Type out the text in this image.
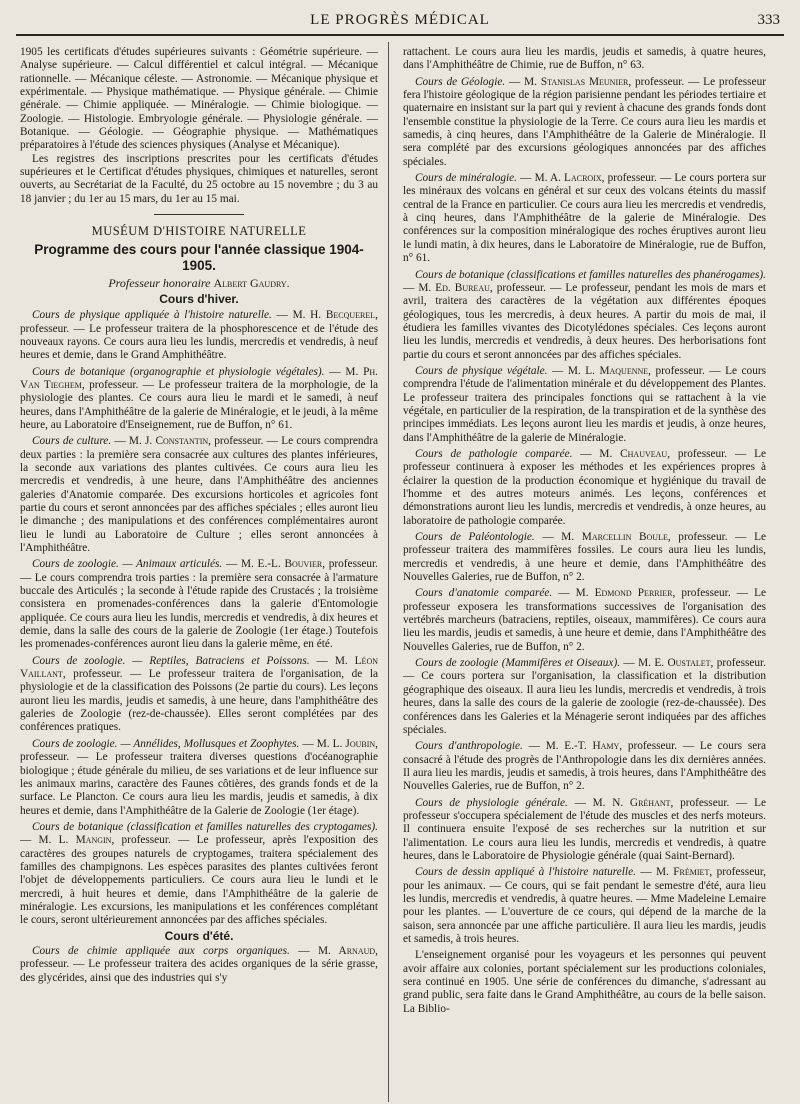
LE PROGRÈS MÉDICAL	333

1905 les certificats d'études supérieures suivants : Géométrie supérieure. — Analyse supérieure. — Calcul différentiel et calcul intégral. — Mécanique rationnelle. — Mécanique céleste. — Astronomie. — Mécanique physique et expérimentale. — Physique mathématique. — Physique générale. — Chimie générale. — Chimie appliquée. — Minéralogie. — Chimie biologique. — Zoologie. — Histologie. Embryologie générale. — Physiologie générale. — Botanique. — Géologie. — Géographie physique. — Mathématiques préparatoires à l'étude des sciences physiques (Analyse et Mécanique).

Les registres des inscriptions prescrites pour les certificats d'études supérieures et le Certificat d'études physiques, chimiques et naturelles, seront ouverts, au Secrétariat de la Faculté, du 25 octobre au 15 novembre ; du 3 au 18 janvier ; du 1er au 15 mars, du 1er au 15 mai.

MUSÉUM D'HISTOIRE NATURELLE
Programme des cours pour l'année classique 1904-1905.
Professeur honoraire Albert Gaudry.
Cours d'hiver.

Cours de physique appliquée à l'histoire naturelle. — M. H. Becquerel, professeur. — Le professeur traitera de la phosphorescence et de l'étude des nouveaux rayons. Ce cours aura lieu les lundis, mercredis et vendredis, à neuf heures et demie, dans le Grand Amphithéâtre.

Cours de botanique (organographie et physiologie végétales). — M. Ph. Van Tieghem, professeur. — Le professeur traitera de la morphologie, de la physiologie des plantes. Ce cours aura lieu le mardi et le samedi, à neuf heures, dans l'Amphithéâtre de la galerie de Minéralogie, et le jeudi, à la même heure, au Laboratoire d'Enseignement, rue de Buffon, n° 61.

Cours de culture. — M. J. Constantin, professeur. — Le cours comprendra deux parties : la première sera consacrée aux cultures des plantes inférieures, la seconde aux variations des plantes cultivées. Ce cours aura lieu les mercredis et vendredis, à une heure, dans l'Amphithéâtre des anciennes galeries d'Anatomie comparée. Des excursions horticoles et agricoles font partie du cours et seront annoncées par des affiches spéciales ; elles auront lieu le dimanche ; des manipulations et des conférences complémentaires auront lieu le lundi au Laboratoire de Culture ; elles seront annoncées à l'Amphithéâtre.

Cours de zoologie. — Animaux articulés. — M. E.-L. Bouvier, professeur. — Le cours comprendra trois parties : la première sera consacrée à l'armature buccale des Articulés ; la seconde à l'étude rapide des Crustacés ; la troisième consistera en promenades-conférences dans la galerie d'Entomologie appliquée. Ce cours aura lieu les lundis, mercredis et vendredis, à dix heures et demie, dans la salle des cours de la galerie de Zoologie (1er étage.) Toutefois les promenades-conférences auront lieu dans la galerie même, en été.

Cours de zoologie. — Reptiles, Batraciens et Poissons. — M. Léon Vaillant, professeur. — Le professeur traitera de l'organisation, de la physiologie et de la classification des Poissons (2e partie du cours). Les leçons auront lieu les mardis, jeudis et samedis, à une heure, dans l'amphithéâtre des galeries de Zoologie (rez-de-chaussée). Elles seront complétées par des conférences pratiques.

Cours de zoologie. — Annélides, Mollusques et Zoophytes. — M. L. Joubin, professeur. — Le professeur traitera diverses questions d'océanographie biologique ; étude générale du milieu, de ses variations et de leur influence sur les animaux marins, caractère des Faunes côtières, des grands fonds et de la surface. Le Plancton. Ce cours aura lieu les mardis, jeudis et samedis, à dix heures et demie, dans l'Amphithéâtre de la Galerie de Zoologie (1er étage).

Cours de botanique (classification et familles naturelles des cryptogames). — M. L. Mangin, professeur. — Le professeur, après l'exposition des caractères des groupes naturels de cryptogames, traitera spécialement des familles des champignons. Les espèces parasites des plantes cultivées feront l'objet de développements particuliers. Ce cours aura lieu le lundi et le mercredi, à huit heures et demie, dans l'Amphithéâtre de la galerie de minéralogie. Les excursions, les manipulations et les conférences complétant le cours, seront ultérieurement annoncées par des affiches spéciales.

Cours d'été.

Cours de chimie appliquée aux corps organiques. — M. Arnaud, professeur. — Le professeur traitera des acides organiques de la série grasse, des glycérides, ainsi que des industries qui s'y

rattachent. Le cours aura lieu les mardis, jeudis et samedis, à quatre heures, dans l'Amphithéâtre de Chimie, rue de Buffon, n° 63.

Cours de Géologie. — M. Stanislas Meunier, professeur. — Le professeur fera l'histoire géologique de la région parisienne pendant les périodes tertiaire et quaternaire en insistant sur la part qui y revient à chacune des grands fonds dont l'ensemble constitue la physiologie de la Terre. Ce cours aura lieu les mardis et samedis, à cinq heures, dans l'Amphithéâtre de la Galerie de Minéralogie. Il sera complété par des excursions géologiques annoncées par des affiches spéciales.

Cours de minéralogie. — M. A. Lacroix, professeur. — Le cours portera sur les minéraux des volcans en général et sur ceux des volcans éteints du massif central de la France en particulier. Ce cours aura lieu les mercredis et vendredis, à cinq heures, dans l'Amphithéâtre de la galerie de Minéralogie. Des conférences sur la composition minéralogique des roches éruptives auront lieu le lundi matin, à dix heures, dans le Laboratoire de Minéralogie, rue de Buffon, n° 61.

Cours de botanique (classifications et familles naturelles des phanérogames). — M. Ed. Bureau, professeur. — Le professeur, pendant les mois de mars et avril, traitera des caractères de la végétation aux différentes époques géologiques, tous les mercredis, à deux heures. A partir du mois de mai, il étudiera les familles vivantes des Dicotylédones spéciales. Ces leçons auront lieu les lundis, mercredis et vendredis, à deux heures. Des herborisations font partie du cours et seront annoncées par des affiches spéciales.

Cours de physique végétale. — M. L. Maquenne, professeur. — Le cours comprendra l'étude de l'alimentation minérale et du développement des Plantes. Le professeur traitera des principales fonctions qui se rattachent à la vie végétale, en particulier de la respiration, de la transpiration et de la synthèse des principes immédiats. Les leçons auront lieu les mardis et jeudis, à onze heures, dans l'Amphithéâtre de la galerie de Minéralogie.

Cours de pathologie comparée. — M. Chauveau, professeur. — Le professeur continuera à exposer les méthodes et les expériences propres à éclairer la question de la production économique et hygiénique du travail de l'homme et des autres moteurs animés. Les leçons, conférences et démonstrations auront lieu les lundis, mercredis et vendredis, à onze heures, au laboratoire de pathologie comparée.

Cours de Paléontologie. — M. Marcellin Boule, professeur. — Le professeur traitera des mammifères fossiles. Le cours aura lieu les lundis, mercredis et vendredis, à une heure et demie, dans l'Amphithéâtre des Nouvelles Galeries, rue de Buffon, n° 2.

Cours d'anatomie comparée. — M. Edmond Perrier, professeur. — Le professeur exposera les transformations successives de l'organisation des vertébrés marcheurs (batraciens, reptiles, oiseaux, mammifères). Ce cours aura lieu les mardis, jeudis et samedis, à une heure et demie, dans l'Amphithéâtre des Nouvelles Galeries, rue de Buffon, n° 2.

Cours de zoologie (Mammifères et Oiseaux). — M. E. Oustalet, professeur. — Ce cours portera sur l'organisation, la classification et la distribution géographique des oiseaux. Il aura lieu les lundis, mercredis et vendredis, à trois heures, dans la salle des cours de la galerie de zoologie (rez-de-chaussée). Des conférences dans les Galeries et la Ménagerie seront indiquées par des affiches spéciales.

Cours d'anthropologie. — M. E.-T. Hamy, professeur. — Le cours sera consacré à l'étude des progrès de l'Anthropologie dans les dix dernières années. Il aura lieu les mardis, jeudis et samedis, à trois heures, dans l'Amphithéâtre des Nouvelles Galeries, rue de Buffon, n° 2.

Cours de physiologie générale. — M. N. Gréhant, professeur. — Le professeur s'occupera spécialement de l'étude des muscles et des nerfs moteurs. Il continuera ensuite l'exposé de ses recherches sur la nutrition et sur l'alimentation. Le cours aura lieu les lundis, mercredis et vendredis, à quatre heures, dans le Laboratoire de Physiologie générale (quai Saint-Bernard).

Cours de dessin appliqué à l'histoire naturelle. — M. Frémiet, professeur, pour les animaux. — Ce cours, qui se fait pendant le semestre d'été, aura lieu les lundis, mercredis et vendredis, à quatre heures. — Mme Madeleine Lemaire pour les plantes. — L'ouverture de ce cours, qui dépend de la marche de la saison, sera annoncée par une affiche particulière. Il aura lieu les mardis, jeudis et samedis, à trois heures.

L'enseignement organisé pour les voyageurs et les personnes qui peuvent avoir affaire aux colonies, portant spécialement sur les productions coloniales, sera continué en 1905. Une série de conférences du dimanche, s'adressant au grand public, sera faite dans le Grand Amphithéâtre, au cours de la belle saison. La Biblio-
